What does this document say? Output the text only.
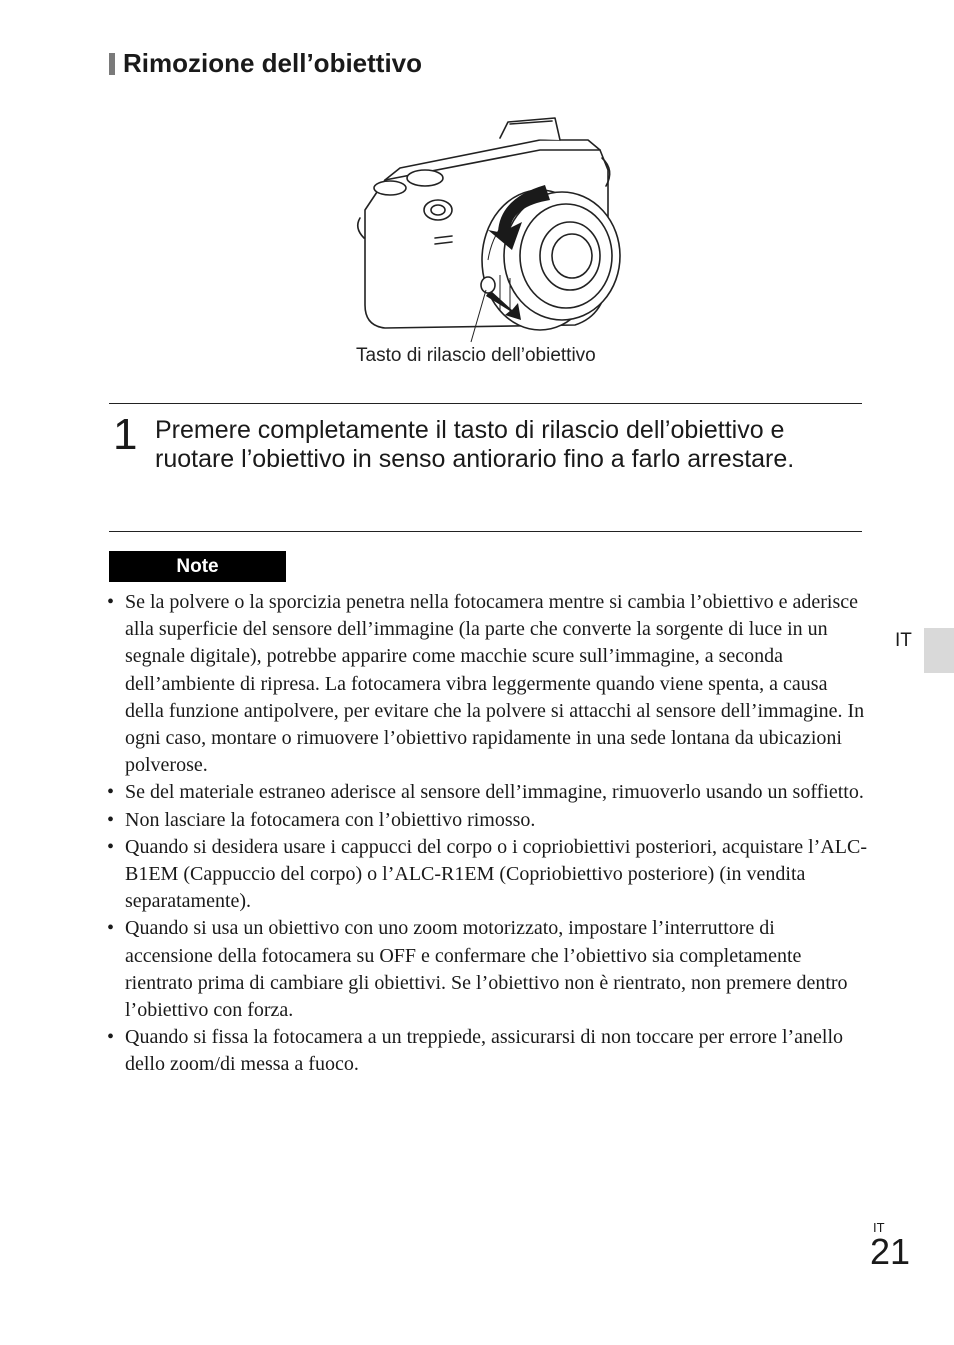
Rimozione dell’obiettivo
Tasto di rilascio dell’obiettivo
1 Premere completamente il tasto di rilascio dell’obiettivo e ruotare l’obiettivo in senso antiorario fino a farlo arrestare.
Note
• Se la polvere o la sporcizia penetra nella fotocamera mentre si cambia l’obiettivo e aderisce alla superficie del sensore dell’immagine (la parte che converte la sorgente di luce in un segnale digitale), potrebbe apparire come macchie scure sull’immagine, a seconda dell’ambiente di ripresa. La fotocamera vibra leggermente quando viene spenta, a causa della funzione antipolvere, per evitare che la polvere si attacchi al sensore dell’immagine. In ogni caso, montare o rimuovere l’obiettivo rapidamente in una sede lontana da ubicazioni polverose.
• Se del materiale estraneo aderisce al sensore dell’immagine, rimuoverlo usando un soffietto.
• Non lasciare la fotocamera con l’obiettivo rimosso.
• Quando si desidera usare i cappucci del corpo o i copriobiettivi posteriori, acquistare l’ALC-B1EM (Cappuccio del corpo) o l’ALC-R1EM (Copriobiettivo posteriore) (in vendita separatamente).
• Quando si usa un obiettivo con uno zoom motorizzato, impostare l’interruttore di accensione della fotocamera su OFF e confermare che l’obiettivo sia completamente rientrato prima di cambiare gli obiettivi. Se l’obiettivo non è rientrato, non premere dentro l’obiettivo con forza.
• Quando si fissa la fotocamera a un treppiede, assicurarsi di non toccare per errore l’anello dello zoom/di messa a fuoco.
IT
IT
21
